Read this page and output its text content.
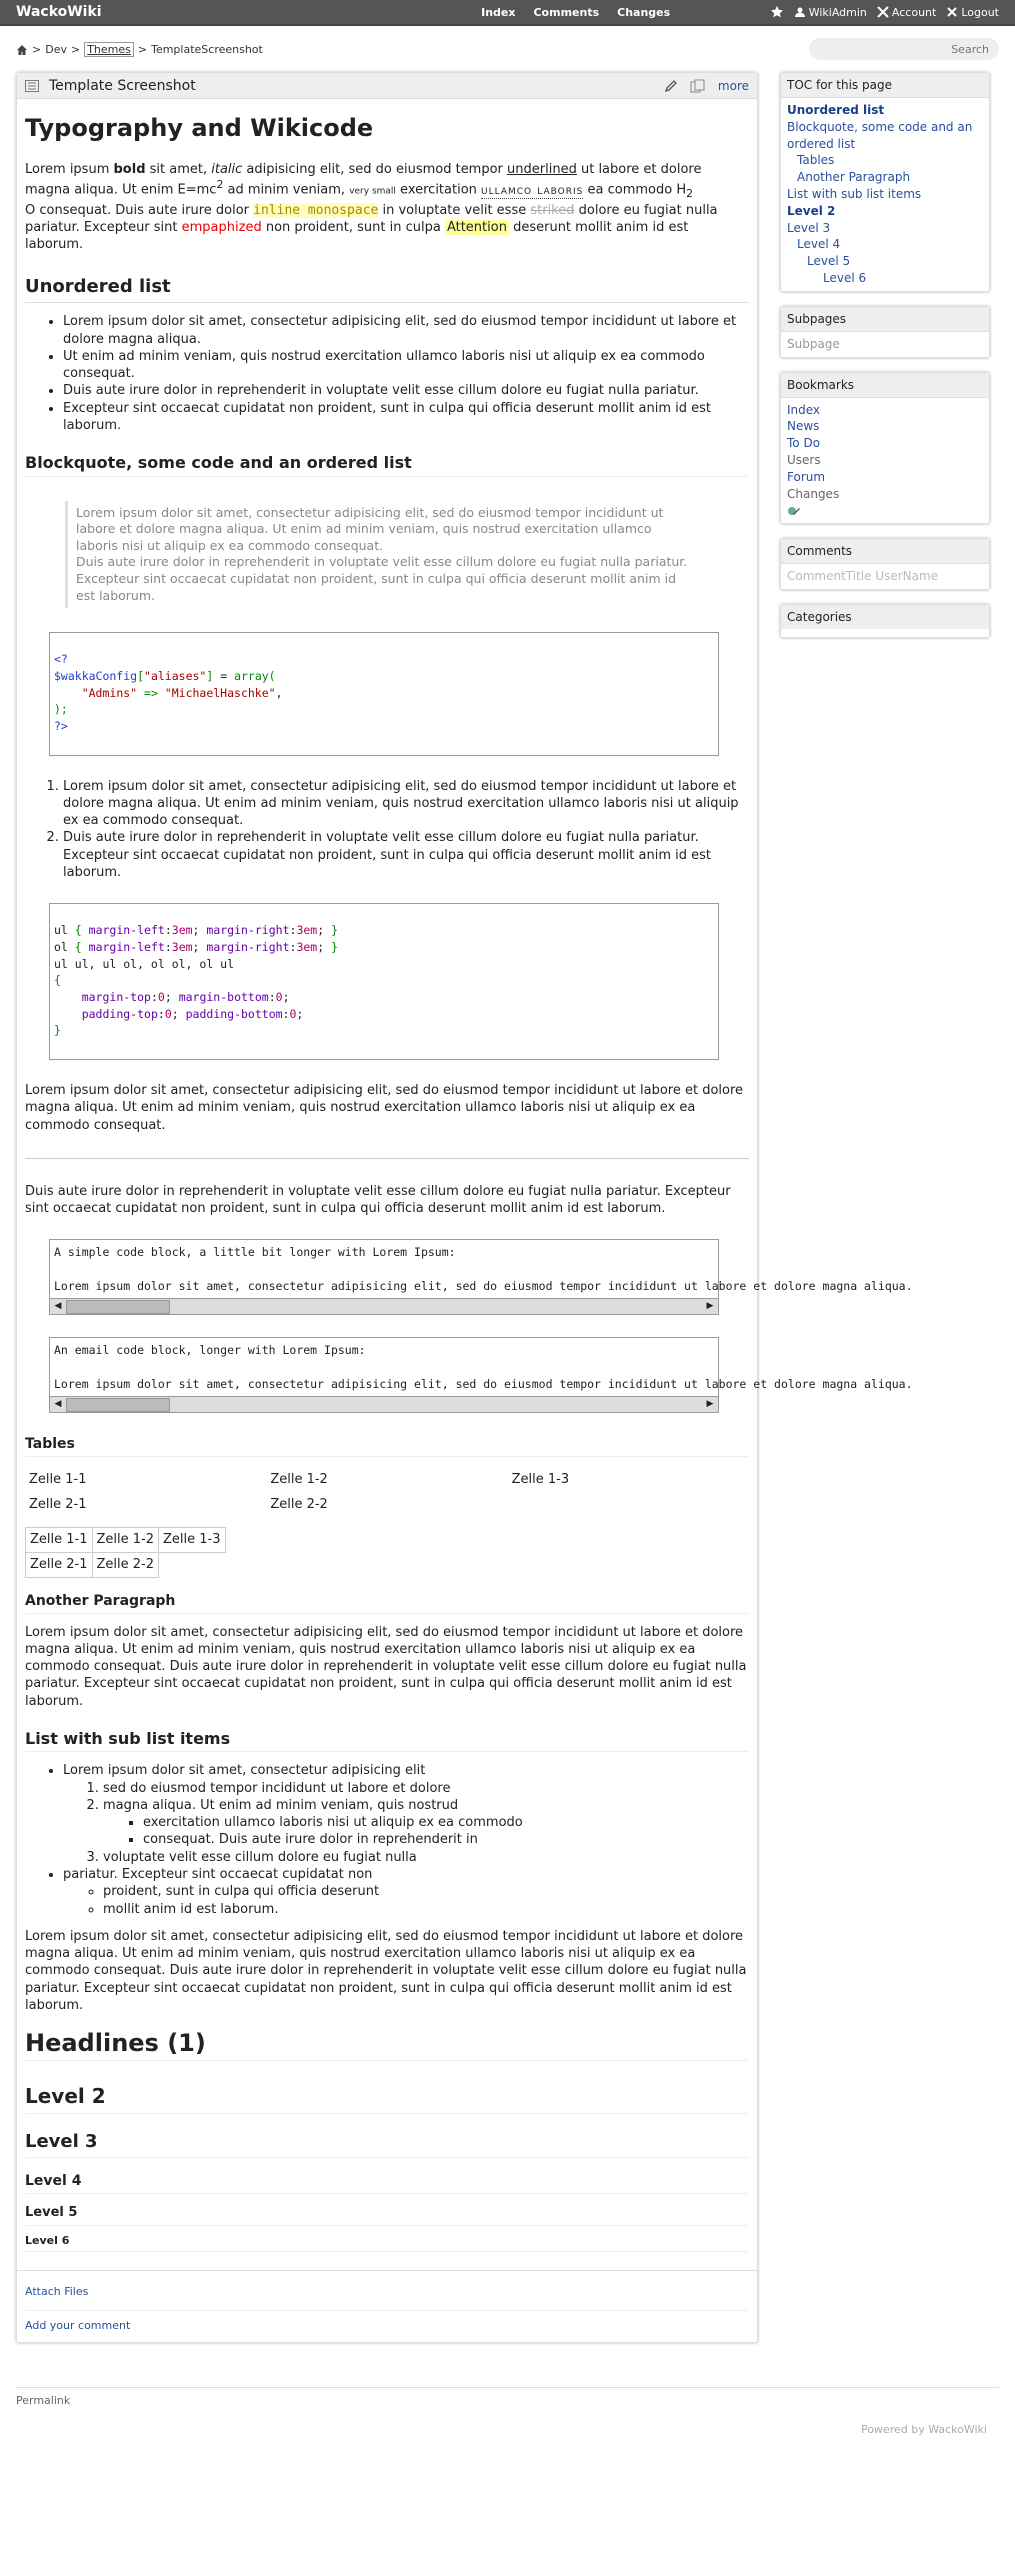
WackoWiki	Index Comments Changes	WikiAdmin Account Logout
> Dev > Themes > TemplateScreenshot
Search
Template Screenshot	more
Typography and Wikicode

Lorem ipsum bold sit amet, italic adipisicing elit, sed do eiusmod tempor underlined ut labore et dolore magna aliqua. Ut enim $E=mc^2$ ad minim veniam, very small exercitation ullamco laboris ea commodo $H_2$
O consequat. Duis aute irure dolor inline monospace in voluptate velit esse striked dolore eu fugiat nulla pariatur. Excepteur sint empaphized non proident, sunt in culpa Attention deserunt mollit anim id est laborum.

Unordered list
• Lorem ipsum dolor sit amet, consectetur adipisicing elit, sed do eiusmod tempor incididunt ut labore et dolore magna aliqua.
• Ut enim ad minim veniam, quis nostrud exercitation ullamco laboris nisi ut aliquip ex ea commodo consequat.
• Duis aute irure dolor in reprehenderit in voluptate velit esse cillum dolore eu fugiat nulla pariatur.
• Excepteur sint occaecat cupidatat non proident, sunt in culpa qui officia deserunt mollit anim id est laborum.
Blockquote, some code and an ordered list
Lorem ipsum dolor sit amet, consectetur adipisicing elit, sed do eiusmod tempor incididunt ut labore et dolore magna aliqua. Ut enim ad minim veniam, quis nostrud exercitation ullamco laboris nisi ut aliquip ex ea commodo consequat.
Duis aute irure dolor in reprehenderit in voluptate velit esse cillum dolore eu fugiat nulla pariatur. Excepteur sint occaecat cupidatat non proident, sunt in culpa qui officia deserunt mollit anim id est laborum.
<?
$wakkaConfig["aliases"] = array(
"Admins" => "MichaelHaschke",
);
?>
1. Lorem ipsum dolor sit amet, consectetur adipisicing elit, sed do eiusmod tempor incididunt ut labore et dolore magna aliqua. Ut enim ad minim veniam, quis nostrud exercitation ullamco laboris nisi ut aliquip ex ea commodo consequat.
2. Duis aute irure dolor in reprehenderit in voluptate velit esse cillum dolore eu fugiat nulla pariatur. Excepteur sint occaecat cupidatat non proident, sunt in culpa qui officia deserunt mollit anim id est laborum.
ul { margin-left:3em; margin-right:3em; }
ol { margin-left:3em; margin-right:3em; }
ul ul, ul ol, ol ol, ol ul
{
margin-top:0; margin-bottom:0;
padding-top:0; padding-bottom:0;
}

Lorem ipsum dolor sit amet, consectetur adipisicing elit, sed do eiusmod tempor incididunt ut labore et dolore magna aliqua. Ut enim ad minim veniam, quis nostrud exercitation ullamco laboris nisi ut aliquip ex ea commodo consequat.

Duis aute irure dolor in reprehenderit in voluptate velit esse cillum dolore eu fugiat nulla pariatur. Excepteur sint occaecat cupidatat non proident, sunt in culpa qui officia deserunt mollit anim id est laborum.

A simple code block, a little bit longer with Lorem Ipsum:

Lorem ipsum dolor sit amet, consectetur adipisicing elit, sed do eiusmod tempor incididunt ut labore et dolore magna aliqua.
◀	▶
An email code block, longer with Lorem Ipsum:

Lorem ipsum dolor sit amet, consectetur adipisicing elit, sed do eiusmod tempor incididunt ut labore et dolore magna aliqua.
◀	▶
Tables
Zelle 1-1	Zelle 1-2	Zelle 1-3
Zelle 2-1	Zelle 2-2	
Zelle 1-1	Zelle 1-2	Zelle 1-3
Zelle 2-1	Zelle 2-2	
Another Paragraph

Lorem ipsum dolor sit amet, consectetur adipisicing elit, sed do eiusmod tempor incididunt ut labore et dolore magna aliqua. Ut enim ad minim veniam, quis nostrud exercitation ullamco laboris nisi ut aliquip ex ea commodo consequat. Duis aute irure dolor in reprehenderit in voluptate velit esse cillum dolore eu fugiat nulla pariatur. Excepteur sint occaecat cupidatat non proident, sunt in culpa qui officia deserunt mollit anim id est laborum.

List with sub list items
• Lorem ipsum dolor sit amet, consectetur adipisicing elit
1. sed do eiusmod tempor incididunt ut labore et dolore
2. magna aliqua. Ut enim ad minim veniam, quis nostrud
▪ exercitation ullamco laboris nisi ut aliquip ex ea commodo
▪ consequat. Duis aute irure dolor in reprehenderit in
3. voluptate velit esse cillum dolore eu fugiat nulla
• pariatur. Excepteur sint occaecat cupidatat non
◦ proident, sunt in culpa qui officia deserunt
◦ mollit anim id est laborum.

Lorem ipsum dolor sit amet, consectetur adipisicing elit, sed do eiusmod tempor incididunt ut labore et dolore magna aliqua. Ut enim ad minim veniam, quis nostrud exercitation ullamco laboris nisi ut aliquip ex ea commodo consequat. Duis aute irure dolor in reprehenderit in voluptate velit esse cillum dolore eu fugiat nulla pariatur. Excepteur sint occaecat cupidatat non proident, sunt in culpa qui officia deserunt mollit anim id est laborum.

Headlines (1)
Level 2
Level 3
Level 4
Level 5
Level 6
Attach Files
Add your comment
TOC for this page
Unordered list
Blockquote, some code and an ordered list
Tables
Another Paragraph
List with sub list items
Level 2
Level 3
Level 4
Level 5
Level 6
Subpages
Subpage
Bookmarks
Index
News
To Do
Users
Forum
Changes
Comments
CommentTitle UserName
Categories
Permalink
Powered by WackoWiki
